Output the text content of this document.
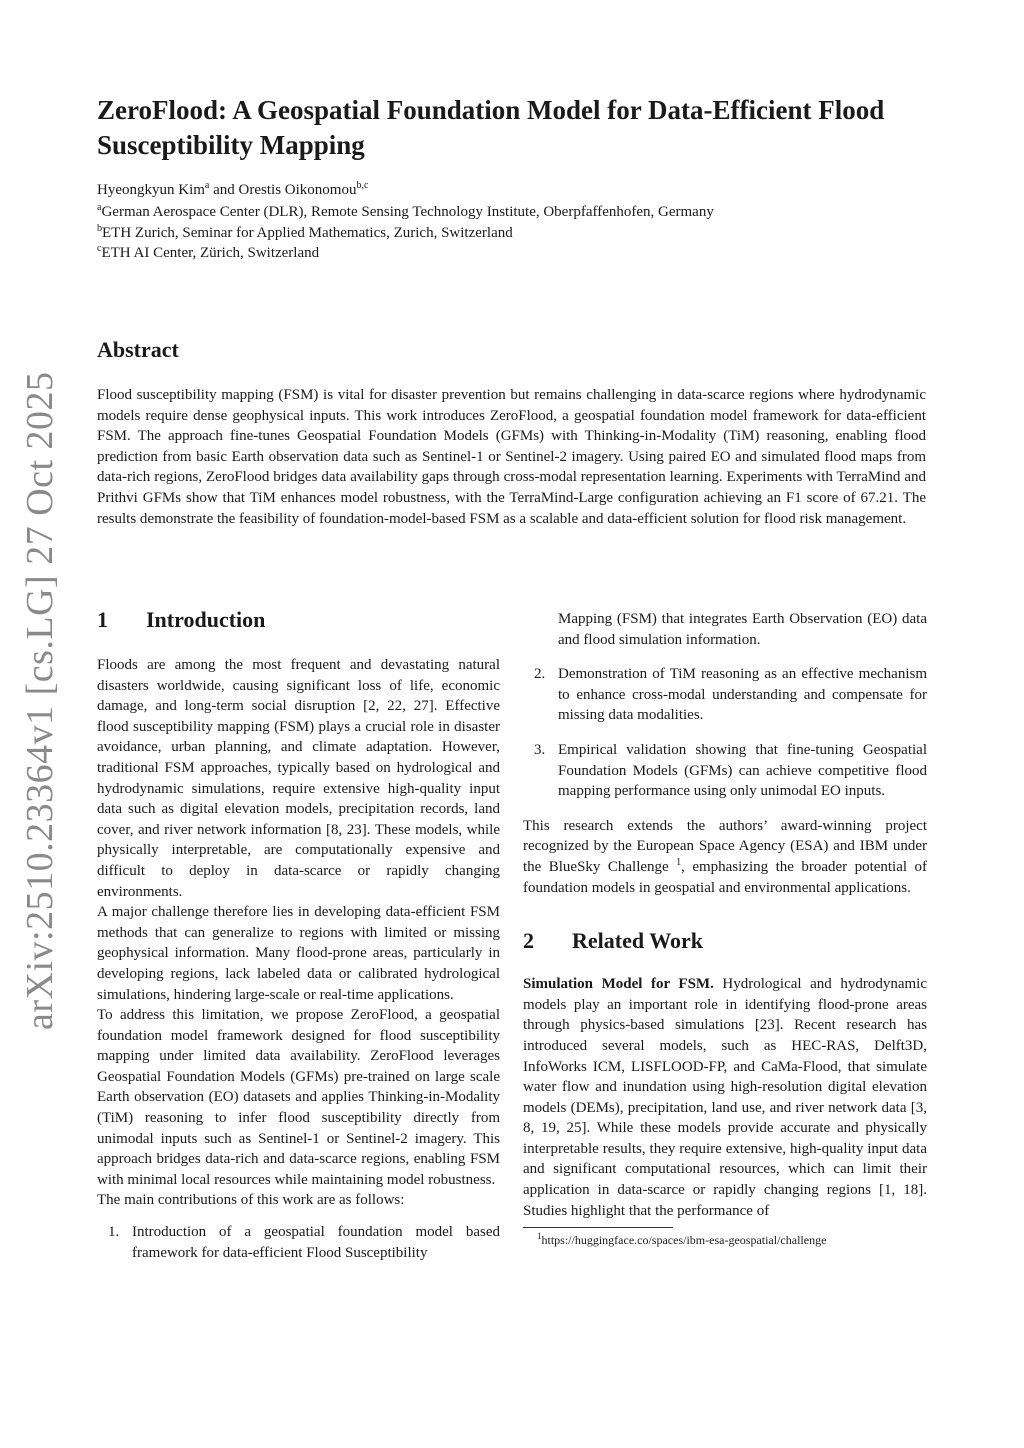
arXiv:2510.23364v1 [cs.LG] 27 Oct 2025
ZeroFlood: A Geospatial Foundation Model for Data-Efficient Flood Susceptibility Mapping
Hyeongkyun Kim$^a$ and Orestis Oikonomou$^{b,c}$
$^a$German Aerospace Center (DLR), Remote Sensing Technology Institute, Oberpfaffenhofen, Germany
$^b$ETH Zurich, Seminar for Applied Mathematics, Zurich, Switzerland
$^c$ETH AI Center, Zürich, Switzerland
Abstract

Flood susceptibility mapping (FSM) is vital for disaster prevention but remains challenging in data-scarce regions where hydrodynamic models require dense geophysical inputs. This work introduces ZeroFlood, a geospatial foundation model framework for data-efficient FSM. The approach fine-tunes Geospatial Foundation Models (GFMs) with Thinking-in-Modality (TiM) reasoning, enabling flood prediction from basic Earth observation data such as Sentinel-1 or Sentinel-2 imagery. Using paired EO and simulated flood maps from data-rich regions, ZeroFlood bridges data availability gaps through cross-modal representation learning. Experiments with TerraMind and Prithvi GFMs show that TiM enhances model robustness, with the TerraMind-Large configuration achieving an F1 score of 67.21. The results demonstrate the feasibility of foundation-model-based FSM as a scalable and data-efficient solution for flood risk management.

1	Introduction

Floods are among the most frequent and devastating natural disasters worldwide, causing significant loss of life, economic damage, and long-term social disruption [2, 22, 27]. Effective flood susceptibility mapping (FSM) plays a crucial role in disaster avoidance, urban planning, and climate adaptation. However, traditional FSM approaches, typically based on hydrological and hydrodynamic simulations, require extensive high-quality input data such as digital elevation models, precipitation records, land cover, and river network information [8, 23]. These models, while physically interpretable, are computationally expensive and difficult to deploy in data-scarce or rapidly changing environments.

A major challenge therefore lies in developing data-efficient FSM methods that can generalize to regions with limited or missing geophysical information. Many flood-prone areas, particularly in developing regions, lack labeled data or calibrated hydrological simulations, hindering large-scale or real-time applications.

To address this limitation, we propose ZeroFlood, a geospatial foundation model framework designed for flood susceptibility mapping under limited data availability. ZeroFlood leverages Geospatial Foundation Models (GFMs) pre-trained on large scale Earth observation (EO) datasets and applies Thinking-in-Modality (TiM) reasoning to infer flood susceptibility directly from unimodal inputs such as Sentinel-1 or Sentinel-2 imagery. This approach bridges data-rich and data-scarce regions, enabling FSM with minimal local resources while maintaining model robustness.

The main contributions of this work are as follows:

1. Introduction of a geospatial foundation model based framework for data-efficient Flood Susceptibility
Mapping (FSM) that integrates Earth Observation (EO) data and flood simulation information.
2. Demonstration of TiM reasoning as an effective mechanism to enhance cross-modal understanding and compensate for missing data modalities.
3. Empirical validation showing that fine-tuning Geospatial Foundation Models (GFMs) can achieve competitive flood mapping performance using only unimodal EO inputs.

This research extends the authors’ award-winning project recognized by the European Space Agency (ESA) and IBM under the BlueSky Challenge $^1$, emphasizing the broader potential of foundation models in geospatial and environmental applications.

2	Related Work

Simulation Model for FSM. Hydrological and hydrodynamic models play an important role in identifying flood-prone areas through physics-based simulations [23]. Recent research has introduced several models, such as HEC-RAS, Delft3D, InfoWorks ICM, LISFLOOD-FP, and CaMa-Flood, that simulate water flow and inundation using high-resolution digital elevation models (DEMs), precipitation, land use, and river network data [3, 8, 19, 25]. While these models provide accurate and physically interpretable results, they require extensive, high-quality input data and significant computational resources, which can limit their application in data-scarce or rapidly changing regions [1, 18]. Studies highlight that the performance of

$^1$https://huggingface.co/spaces/ibm-esa-geospatial/challenge
